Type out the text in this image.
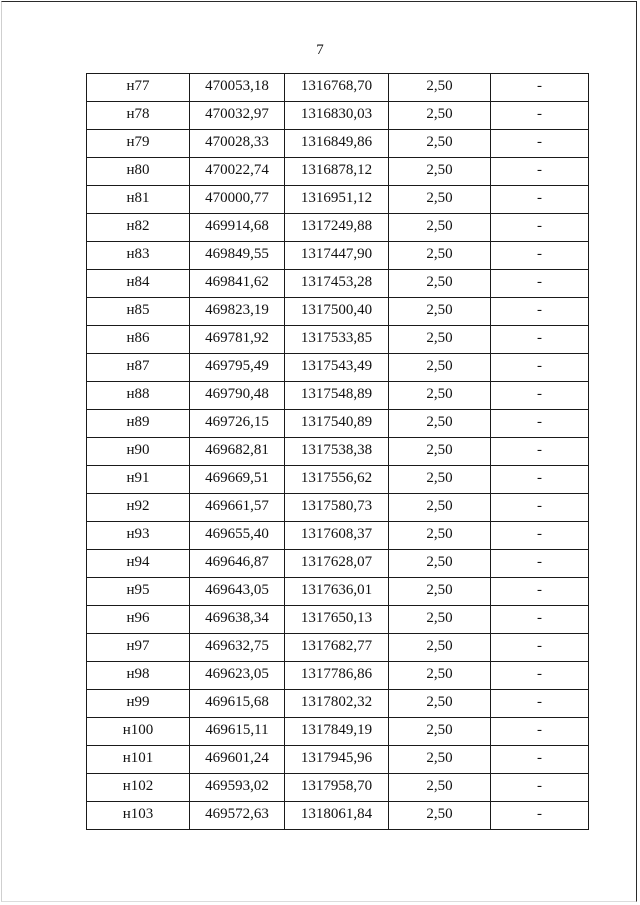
7
н77	470053,18	1316768,70	2,50	-
н78	470032,97	1316830,03	2,50	-
н79	470028,33	1316849,86	2,50	-
н80	470022,74	1316878,12	2,50	-
н81	470000,77	1316951,12	2,50	-
н82	469914,68	1317249,88	2,50	-
н83	469849,55	1317447,90	2,50	-
н84	469841,62	1317453,28	2,50	-
н85	469823,19	1317500,40	2,50	-
н86	469781,92	1317533,85	2,50	-
н87	469795,49	1317543,49	2,50	-
н88	469790,48	1317548,89	2,50	-
н89	469726,15	1317540,89	2,50	-
н90	469682,81	1317538,38	2,50	-
н91	469669,51	1317556,62	2,50	-
н92	469661,57	1317580,73	2,50	-
н93	469655,40	1317608,37	2,50	-
н94	469646,87	1317628,07	2,50	-
н95	469643,05	1317636,01	2,50	-
н96	469638,34	1317650,13	2,50	-
н97	469632,75	1317682,77	2,50	-
н98	469623,05	1317786,86	2,50	-
н99	469615,68	1317802,32	2,50	-
н100	469615,11	1317849,19	2,50	-
н101	469601,24	1317945,96	2,50	-
н102	469593,02	1317958,70	2,50	-
н103	469572,63	1318061,84	2,50	-
